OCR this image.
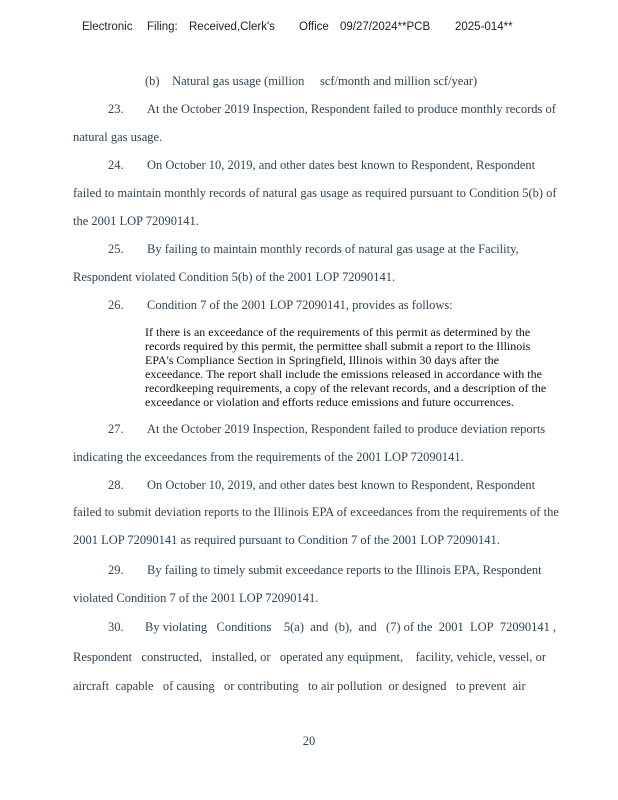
Electronic Filing: Received,Clerk's Office 09/27/2024**PCB 2025-014**
(b)    Natural gas usage (million     scf/month and million scf/year)
23. At the October 2019 Inspection, Respondent failed to produce monthly records of
natural gas usage.
24. On October 10, 2019, and other dates best known to Respondent, Respondent
failed to maintain monthly records of natural gas usage as required pursuant to Condition 5(b) of
the 2001 LOP 72090141.
25. By failing to maintain monthly records of natural gas usage at the Facility,
Respondent violated Condition 5(b) of the 2001 LOP 72090141.
26. Condition 7 of the 2001 LOP 72090141, provides as follows:
If there is an exceedance of the requirements of this permit as determined by the
records required by this permit, the permittee shall submit a report to the Illinois
EPA's Compliance Section in Springfield, Illinois within 30 days after the
exceedance. The report shall include the emissions released in accordance with the
recordkeeping requirements, a copy of the relevant records, and a description of the
exceedance or violation and efforts reduce emissions and future occurrences.
27. At the October 2019 Inspection, Respondent failed to produce deviation reports
indicating the exceedances from the requirements of the 2001 LOP 72090141.
28. On October 10, 2019, and other dates best known to Respondent, Respondent
failed to submit deviation reports to the Illinois EPA of exceedances from the requirements of the
2001 LOP 72090141 as required pursuant to Condition 7 of the 2001 LOP 72090141.
29. By failing to timely submit exceedance reports to the Illinois EPA, Respondent
violated Condition 7 of the 2001 LOP 72090141.
30. By violating   Conditions    5(a)  and  (b),  and   (7) of the  2001  LOP  72090141 ,
Respondent   constructed,   installed, or   operated any equipment,    facility, vehicle, vessel, or
aircraft  capable   of causing   or contributing   to air pollution  or designed   to prevent  air
20
